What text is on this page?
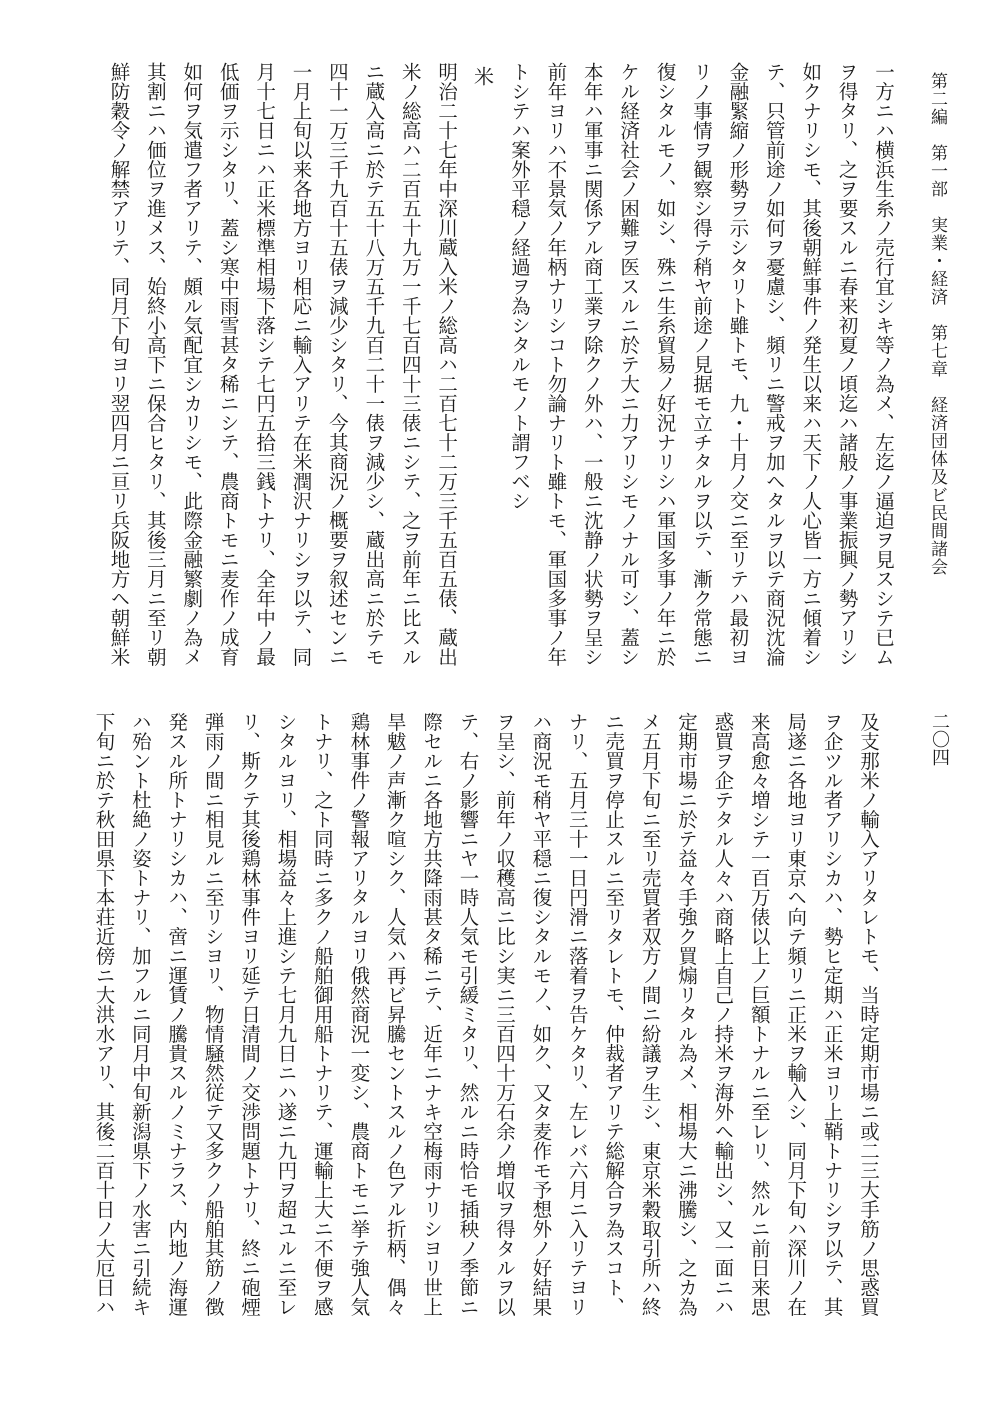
第二編　第一部　実業・経済　第七章　経済団体及ビ民間諸会
二〇四
一方ニハ横浜生糸ノ売行宜シキ等ノ為メ、左迄ノ逼迫ヲ見スシテ已ム
ヲ得タリ、之ヲ要スルニ春来初夏ノ頃迄ハ諸般ノ事業振興ノ勢アリシ
如クナリシモ、其後朝鮮事件ノ発生以来ハ天下ノ人心皆一方ニ傾着シ
テ、只管前途ノ如何ヲ憂慮シ、頻リニ警戒ヲ加ヘタルヲ以テ商況沈淪
金融緊縮ノ形勢ヲ示シタリト雖トモ、九・十月ノ交ニ至リテハ最初ヨ
リノ事情ヲ観察シ得テ稍ヤ前途ノ見据モ立チタルヲ以テ、漸ク常態ニ
復シタルモノ、如シ、殊ニ生糸貿易ノ好況ナリシハ軍国多事ノ年ニ於
ケル経済社会ノ困難ヲ医スルニ於テ大ニ力アリシモノナル可シ、蓋シ
本年ハ軍事ニ関係アル商工業ヲ除クノ外ハ、一般ニ沈静ノ状勢ヲ呈シ
前年ヨリハ不景気ノ年柄ナリシコト勿論ナリト雖トモ、軍国多事ノ年
トシテハ案外平穏ノ経過ヲ為シタルモノト謂フベシ
米
明治二十七年中深川蔵入米ノ総高ハ二百七十二万三千五百五俵、蔵出
米ノ総高ハ二百五十九万一千七百四十三俵ニシテ、之ヲ前年ニ比スル
ニ蔵入高ニ於テ五十八万五千九百二十一俵ヲ減少シ、蔵出高ニ於テモ
四十一万三千九百十五俵ヲ減少シタリ、今其商況ノ概要ヲ叙述センニ
一月上旬以来各地方ヨリ相応ニ輸入アリテ在米潤沢ナリシヲ以テ、同
月十七日ニハ正米標準相場下落シテ七円五拾三銭トナリ、全年中ノ最
低価ヲ示シタリ、蓋シ寒中雨雪甚タ稀ニシテ、農商トモニ麦作ノ成育
如何ヲ気遣フ者アリテ、頗ル気配宜シカリシモ、此際金融繁劇ノ為メ
其割ニハ価位ヲ進メス、始終小高下ニ保合ヒタリ、其後三月ニ至リ朝
鮮防穀令ノ解禁アリテ、同月下旬ヨリ翌四月ニ亘リ兵阪地方ヘ朝鮮米
及支那米ノ輸入アリタレトモ、当時定期市場ニ或二三大手筋ノ思惑買
ヲ企ツル者アリシカハ、勢ヒ定期ハ正米ヨリ上鞘トナリシヲ以テ、其
局遂ニ各地ヨリ東京ヘ向テ頻リニ正米ヲ輸入シ、同月下旬ハ深川ノ在
来高愈々増シテ一百万俵以上ノ巨額トナルニ至レリ、然ルニ前日来思
惑買ヲ企テタル人々ハ商略上自己ノ持米ヲ海外ヘ輸出シ、又一面ニハ
定期市場ニ於テ益々手強ク買煽リタル為メ、相場大ニ沸騰シ、之カ為
メ五月下旬ニ至リ売買者双方ノ間ニ紛議ヲ生シ、東京米穀取引所ハ終
ニ売買ヲ停止スルニ至リタレトモ、仲裁者アリテ総解合ヲ為スコト、
ナリ、五月三十一日円滑ニ落着ヲ告ケタリ、左レバ六月ニ入リテヨリ
ハ商況モ稍ヤ平穏ニ復シタルモノ、如ク、又タ麦作モ予想外ノ好結果
ヲ呈シ、前年ノ収穫高ニ比シ実ニ三百四十万石余ノ増収ヲ得タルヲ以
テ、右ノ影響ニヤ一時人気モ引緩ミタリ、然ルニ時恰モ插秧ノ季節ニ
際セルニ各地方共降雨甚タ稀ニテ、近年ニナキ空梅雨ナリシヨリ世上
旱魃ノ声漸ク喧シク、人気ハ再ビ昇騰セントスルノ色アル折柄、偶々
鶏林事件ノ警報アリタルヨリ俄然商況一変シ、農商トモニ挙テ強人気
トナリ、之ト同時ニ多クノ船舶御用船トナリテ、運輸上大ニ不便ヲ感
シタルヨリ、相場益々上進シテ七月九日ニハ遂ニ九円ヲ超ユルニ至レ
リ、斯クテ其後鶏林事件ヨリ延テ日清間ノ交渉問題トナリ、終ニ砲煙
弾雨ノ間ニ相見ルニ至リシヨリ、物情騒然従テ又多クノ船舶其筋ノ徴
発スル所トナリシカハ、啻ニ運賃ノ騰貴スルノミナラス、内地ノ海運
ハ殆ント杜絶ノ姿トナリ、加フルニ同月中旬新潟県下ノ水害ニ引続キ
下旬ニ於テ秋田県下本荘近傍ニ大洪水アリ、其後二百十日ノ大厄日ハ
